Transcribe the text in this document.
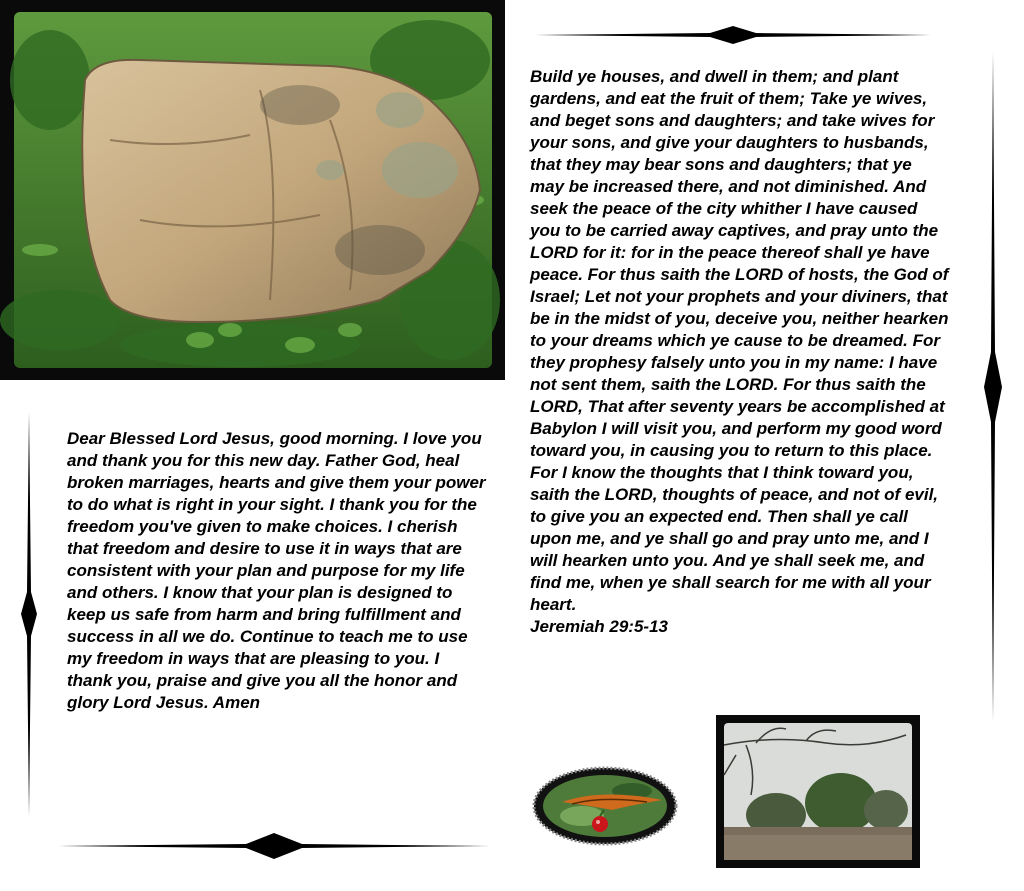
Build ye houses, and dwell in them; and plant gardens, and eat the fruit of them; Take ye wives, and beget sons and daughters; and take wives for your sons, and give your daughters to husbands, that they may bear sons and daughters; that ye may be increased there, and not diminished. And seek the peace of the city whither I have caused you to be carried away captives, and pray unto the LORD for it: for in the peace thereof shall ye have peace. For thus saith the LORD of hosts, the God of Israel; Let not your prophets and your diviners, that be in the midst of you, deceive you, neither hearken to your dreams which ye cause to be dreamed. For they prophesy falsely unto you in my name: I have not sent them, saith the LORD. For thus saith the LORD, That after seventy years be accomplished at Babylon I will visit you, and perform my good word toward you, in causing you to return to this place. For I know the thoughts that I think toward you, saith the LORD, thoughts of peace, and not of evil, to give you an expected end. Then shall ye call upon me, and ye shall go and pray unto me, and I will hearken unto you. And ye shall seek me, and find me, when ye shall search for me with all your heart.
Jeremiah 29:5-13
Dear Blessed Lord Jesus, good morning. I love you and thank you for this new day. Father God, heal broken marriages, hearts and give them your power to do what is right in your sight. I thank you for the freedom you've given to make choices. I cherish that freedom and desire to use it in ways that are consistent with your plan and purpose for my life and others. I know that your plan is designed to keep us safe from harm and bring fulfillment and success in all we do. Continue to teach me to use my freedom in ways that are pleasing to you. I thank you, praise and give you all the honor and glory Lord Jesus. Amen
